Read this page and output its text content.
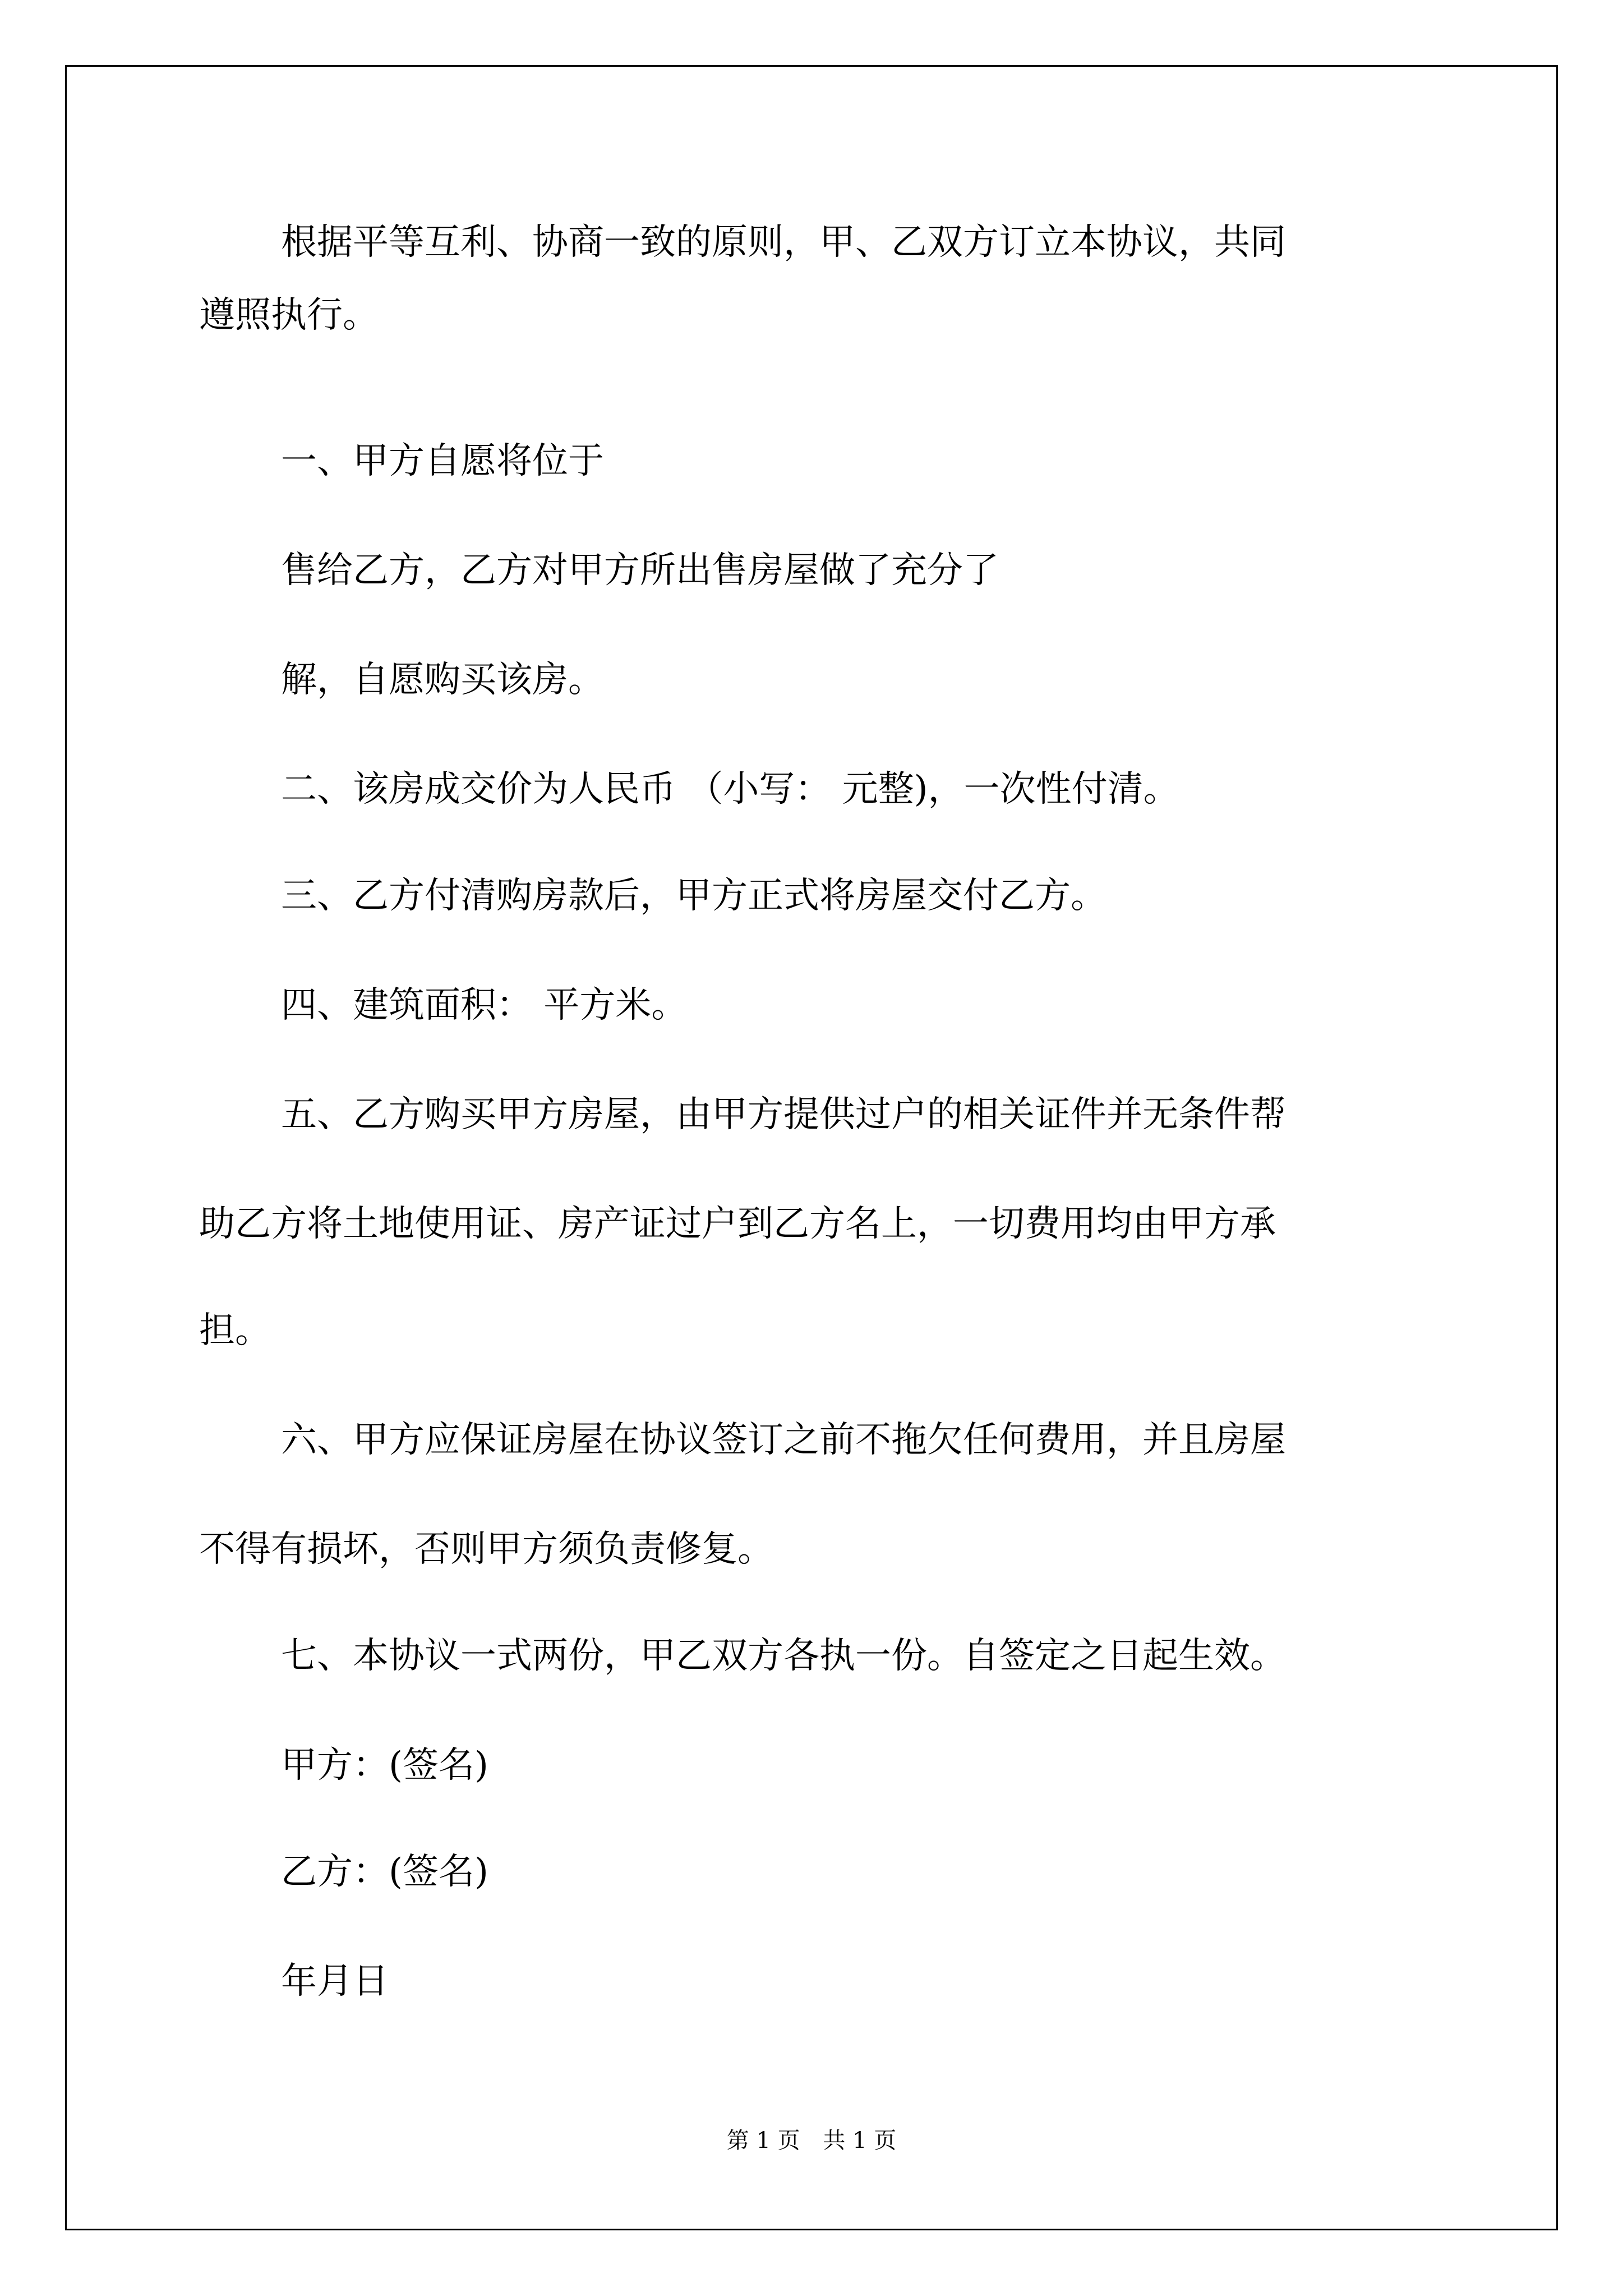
根据平等互利、协商一致的原则，甲、乙双方订立本协议，共同
遵照执行。
一、甲方自愿将位于
售给乙方，乙方对甲方所出售房屋做了充分了
解，自愿购买该房。
二、该房成交价为人民币 （小写： 元整)，一次性付清。
三、乙方付清购房款后，甲方正式将房屋交付乙方。
四、建筑面积： 平方米。
五、乙方购买甲方房屋，由甲方提供过户的相关证件并无条件帮
助乙方将土地使用证、房产证过户到乙方名上，一切费用均由甲方承
担。
六、甲方应保证房屋在协议签订之前不拖欠任何费用，并且房屋
不得有损坏，否则甲方须负责修复。
七、本协议一式两份，甲乙双方各执一份。自签定之日起生效。
甲方：(签名)
乙方：(签名)
年月日
第 1 页 共 1 页
